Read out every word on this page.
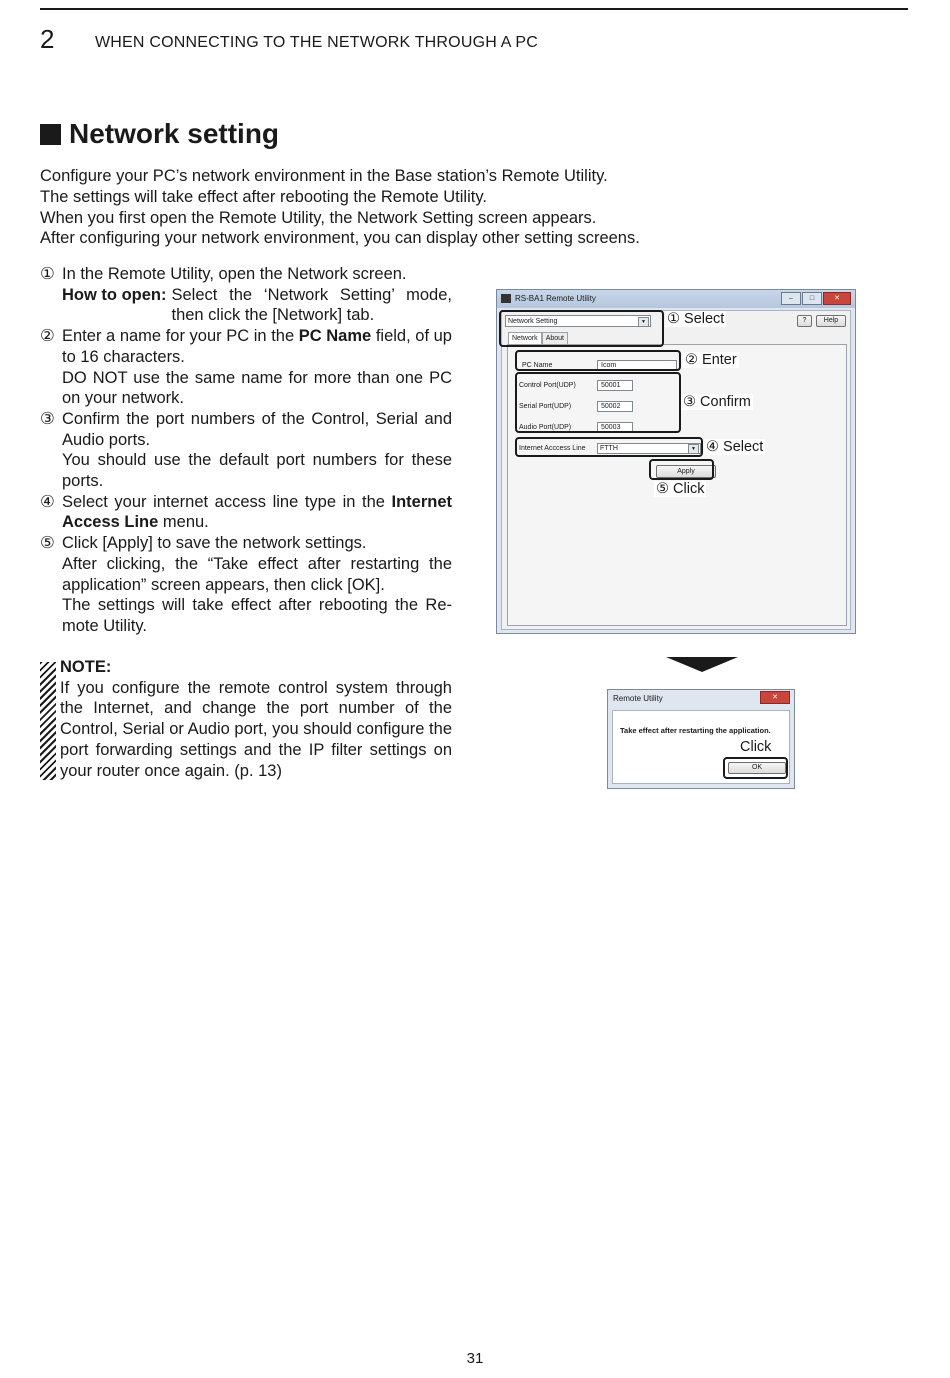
2	WHEN CONNECTING TO THE NETWORK THROUGH A PC
Network setting
Configure your PC’s network environment in the Base station’s Remote Utility.
The settings will take effect after rebooting the Remote Utility.
When you first open the Remote Utility, the Network Setting screen appears.
After configuring your network environment, you can display other setting screens.
① In the Remote Utility, open the Network screen.
How to open: Select the ‘Network Setting’ mode, then click the [Network] tab.
② Enter a name for your PC in the PC Name field, of up to 16 characters.
DO NOT use the same name for more than one PC on your network.
③ Confirm the port numbers of the Control, Serial and Audio ports.
You should use the default port numbers for these ports.
④ Select your internet access line type in the Internet Access Line menu.
⑤ Click [Apply] to save the network settings.
After clicking, the “Take effect after restarting the application” screen appears, then click [OK].
The settings will take effect after rebooting the Re-mote Utility.
NOTE:
If you configure the remote control system through the Internet, and change the port number of the Control, Serial or Audio port, you should configure the port forwarding settings and the IP filter settings on your router once again. (p. 13)
RS-BA1 Remote Utility	–	□	✕
Network Setting	▼	?	Help
Network	About
PC Name	Icom
Control Port(UDP)	50001
Serial Port(UDP)	50002
Audio Port(UDP)	50003
Internet Acccess Line	FTTH	▼
Apply
① Select
② Enter
③ Confirm
④ Select
⑤ Click
Remote Utility	✕
Take effect after restarting the application.
OK
Click
31
